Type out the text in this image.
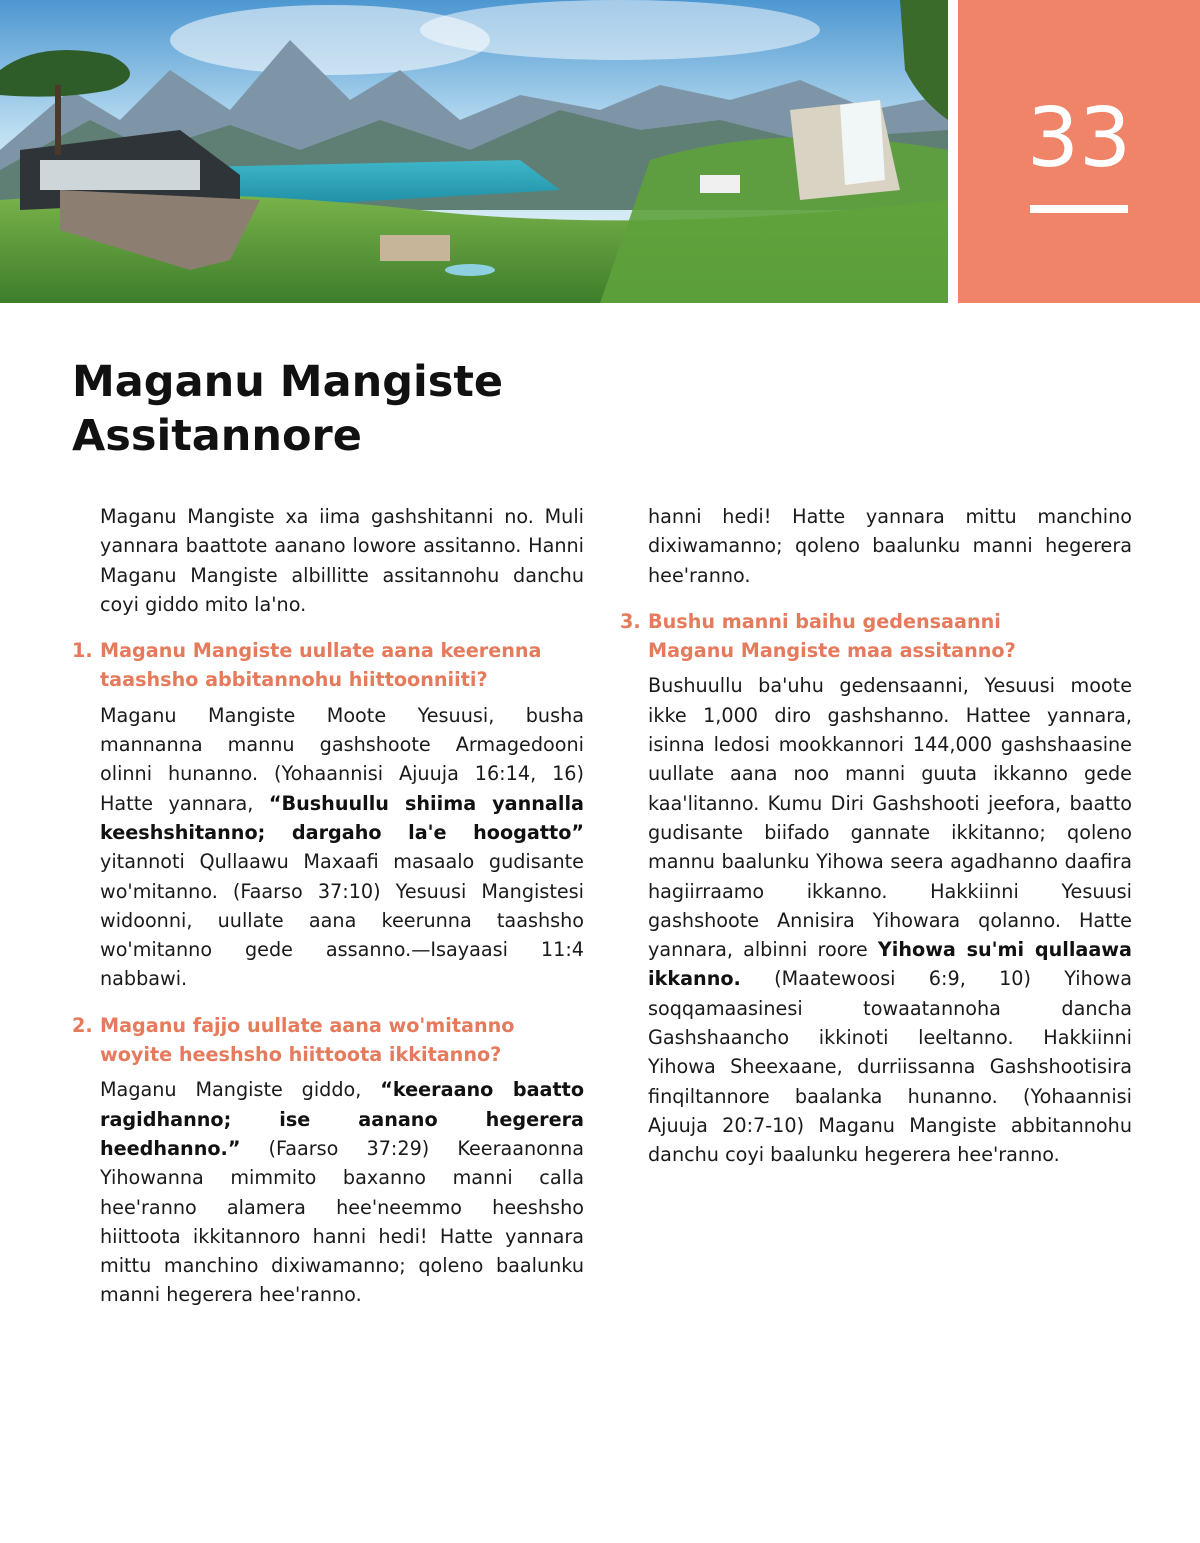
33
Maganu Mangiste
Assitannore

Maganu Mangiste xa iima gashshitanni no. Muli yannara baattote aanano lowore assitanno. Hanni Maganu Mangiste albillitte assitannohu danchu coyi giddo mito la'no.

1. Maganu Mangiste uullate aana keerenna
taashsho abbitannohu hiittoonniiti?

Maganu Mangiste Moote Yesuusi, busha mannanna mannu gashshoote Armagedooni olinni hunanno. (Yohaannisi Ajuuja 16:14, 16) Hatte yannara, “Bushuullu shiima yannalla keeshshitanno; dargaho la'e hoogatto” yitannoti Qullaawu Maxaafi masaalo gudisante wo'mitanno. (Faarso 37:10) Yesuusi Mangistesi widoonni, uullate aana keerunna taashsho wo'mitanno gede assanno.—Isayaasi 11:4 nabbawi.

2. Maganu fajjo uullate aana wo'mitanno
woyite heeshsho hiittoota ikkitanno?

Maganu Mangiste giddo, “keeraano baatto ragidhanno; ise aanano hegerera heedhanno.” (Faarso 37:29) Keeraanonna Yihowanna mimmito baxanno manni calla hee'ranno alamera hee'neemmo heeshsho hiittoota ikkitannoro hanni hedi! Hatte yannara mittu manchino dixiwamanno; qoleno baalunku manni hegerera hee'ranno.

hanni hedi! Hatte yannara mittu manchino dixiwamanno; qoleno baalunku manni hegerera hee'ranno.

3. Bushu manni baihu gedensaanni
Maganu Mangiste maa assitanno?

Bushuullu ba'uhu gedensaanni, Yesuusi moote ikke 1,000 diro gashshanno. Hattee yannara, isinna ledosi mookkannori 144,000 gashshaasine uullate aana noo manni guuta ikkanno gede kaa'litanno. Kumu Diri Gashshooti jeefora, baatto gudisante biifado gannate ikkitanno; qoleno mannu baalunku Yihowa seera agadhanno daafira hagiirraamo ikkanno. Hakkiinni Yesuusi gashshoote Annisira Yihowara qolanno. Hatte yannara, albinni roore Yihowa su'mi qullaawa ikkanno. (Maatewoosi 6:9, 10) Yihowa soqqamaasinesi towaatannoha dancha Gashshaancho ikkinoti leeltanno. Hakkiinni Yihowa Sheexaane, durriissanna Gashshootisira finqiltannore baalanka hunanno. (Yohaannisi Ajuuja 20:7-10) Maganu Mangiste abbitannohu danchu coyi baalunku hegerera hee'ranno.
